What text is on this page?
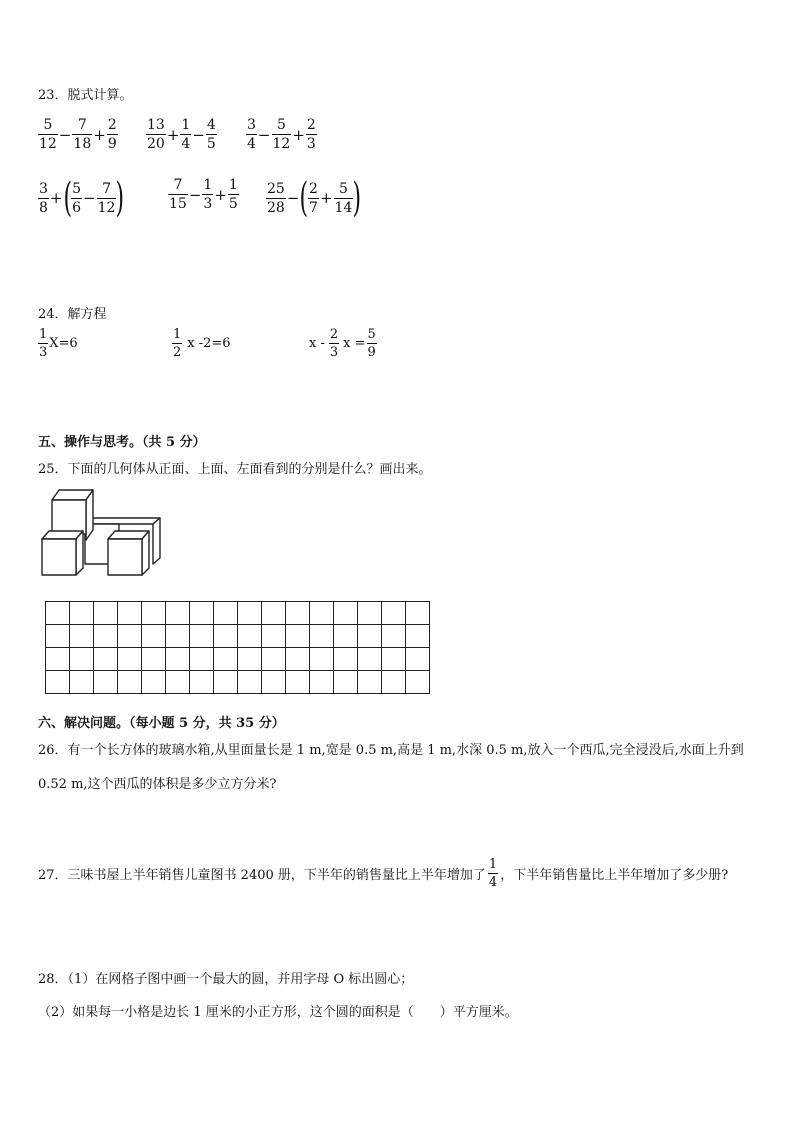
23．脱式计算。
$\frac{5}{12} - \frac{7}{18} + \frac{2}{9} \frac{13}{20} + \frac{1}{4} - \frac{4}{5} \frac{3}{4} - \frac{5}{12} + \frac{2}{3}$
$\frac{3}{8}$ + ( $\frac{5}{6} - \frac{7}{12}$ )	$\frac{7}{15} - \frac{1}{3} + \frac{1}{5} \frac{25}{28}$ − ( $\frac{2}{7} + \frac{5}{14}$ )
24．解方程
$\frac{1}{3} X=6$	$\frac{1}{2}$ x -2=6	x - $\frac{2}{3}$ $x = \frac{5}{9}$
五、操作与思考。（共 5 分）
25．下面的几何体从正面、上面、左面看到的分别是什么？画出来。

六、解决问题。（每小题 5 分，共 35 分）
26．有一个长方体的玻璃水箱,从里面量长是 1 m,宽是 0.5 m,高是 1 m,水深 0.5 m,放入一个西瓜,完全浸没后,水面上升到
0.52 m,这个西瓜的体积是多少立方分米?
27．三味书屋上半年销售儿童图书 2400 册，下半年的销售量比上半年增加了 $\frac{1}{4}$ ，下半年销售量比上半年增加了多少册?
28．（1）在网格子图中画一个最大的圆，并用字母 O 标出圆心；
（2）如果每一小格是边长 1 厘米的小正方形，这个圆的面积是（　　）平方厘米。
